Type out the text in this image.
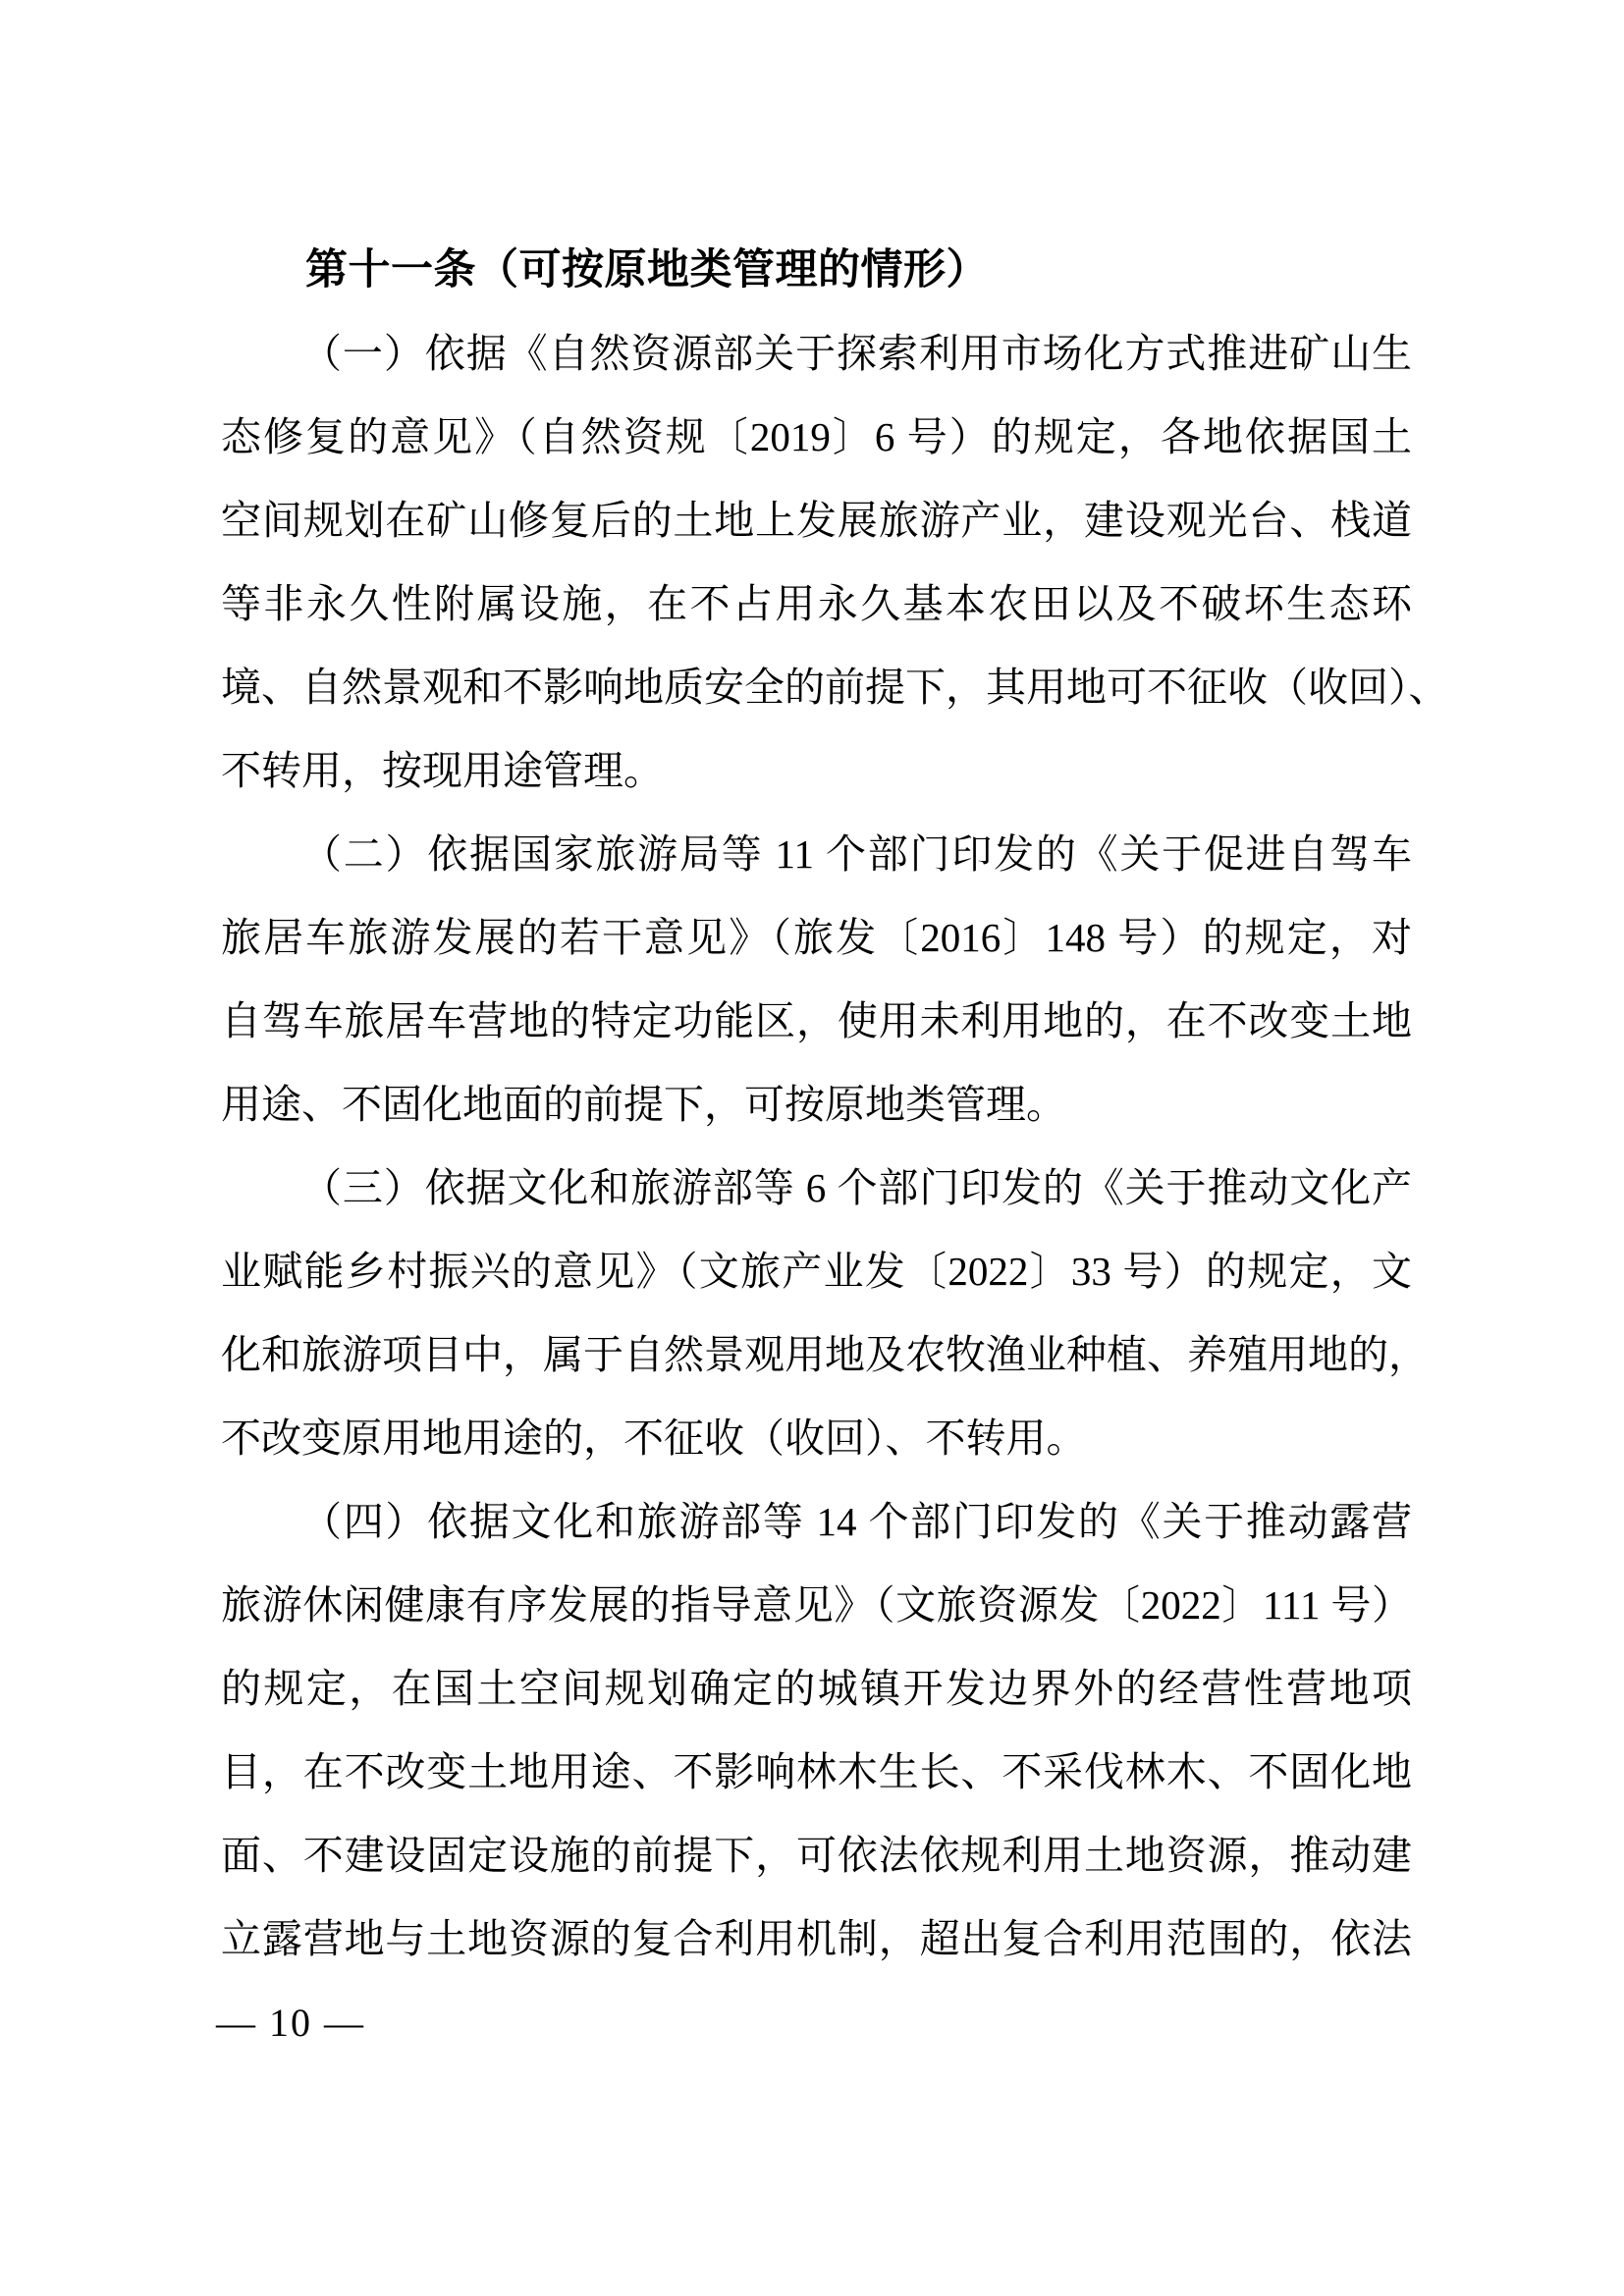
第十一条（可按原地类管理的情形）
（一）依据《自然资源部关于探索利用市场化方式推进矿山生
态修复的意见》（自然资规〔2019〕6 号）的规定，各地依据国土
空间规划在矿山修复后的土地上发展旅游产业，建设观光台、栈道
等非永久性附属设施，在不占用永久基本农田以及不破坏生态环
境、自然景观和不影响地质安全的前提下，其用地可不征收（收回）、
不转用，按现用途管理。
（二）依据国家旅游局等 11 个部门印发的《关于促进自驾车
旅居车旅游发展的若干意见》（旅发〔2016〕148 号）的规定，对
自驾车旅居车营地的特定功能区，使用未利用地的，在不改变土地
用途、不固化地面的前提下，可按原地类管理。
（三）依据文化和旅游部等 6 个部门印发的《关于推动文化产
业赋能乡村振兴的意见》（文旅产业发〔2022〕33 号）的规定，文
化和旅游项目中，属于自然景观用地及农牧渔业种植、养殖用地的，
不改变原用地用途的，不征收（收回）、不转用。
（四）依据文化和旅游部等 14 个部门印发的《关于推动露营
旅游休闲健康有序发展的指导意见》（文旅资源发〔2022〕111 号）
的规定，在国土空间规划确定的城镇开发边界外的经营性营地项
目，在不改变土地用途、不影响林木生长、不采伐林木、不固化地
面、不建设固定设施的前提下，可依法依规利用土地资源，推动建
立露营地与土地资源的复合利用机制，超出复合利用范围的，依法
— 10 —
